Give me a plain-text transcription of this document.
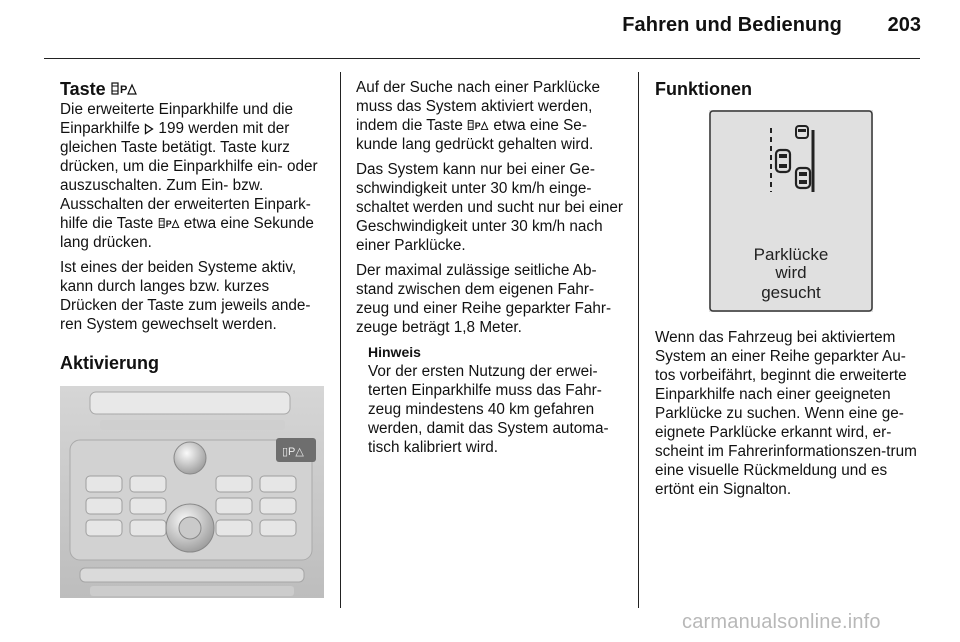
Fahren und Bedienung 203
Taste P

Die erweiterte Einparkhilfe und die Einparkhilfe  199 werden mit der gleichen Taste betätigt. Taste kurz drücken, um die Einparkhilfe ein- oder auszuschalten. Zum Ein- bzw. Ausschalten der erweiterten Einpark-hilfe die Taste P etwa eine Sekunde lang drücken.

Ist eines der beiden Systeme aktiv, kann durch langes bzw. kurzes Drücken der Taste zum jeweils ande-ren System gewechselt werden.

Aktivierung
▯P△

Auf der Suche nach einer Parklücke muss das System aktiviert werden, indem die Taste P etwa eine Se-kunde lang gedrückt gehalten wird.

Das System kann nur bei einer Ge-schwindigkeit unter 30 km/h einge-schaltet werden und sucht nur bei einer Geschwindigkeit unter 30 km/h nach einer Parklücke.

Der maximal zulässige seitliche Ab-stand zwischen dem eigenen Fahr-zeug und einer Reihe geparkter Fahr-zeuge beträgt 1,8 Meter.

Hinweis
Vor der ersten Nutzung der erwei-terten Einparkhilfe muss das Fahr-zeug mindestens 40 km gefahren werden, damit das System automa-tisch kalibriert wird.
Funktionen
Parklücke
wird
gesucht

Wenn das Fahrzeug bei aktiviertem System an einer Reihe geparkter Au-tos vorbeifährt, beginnt die erweiterte Einparkhilfe nach einer geeigneten Parklücke zu suchen. Wenn eine ge-eignete Parklücke erkannt wird, er-scheint im Fahrerinformationszen-trum eine visuelle Rückmeldung und es ertönt ein Signalton.

carmanualsonline.info
